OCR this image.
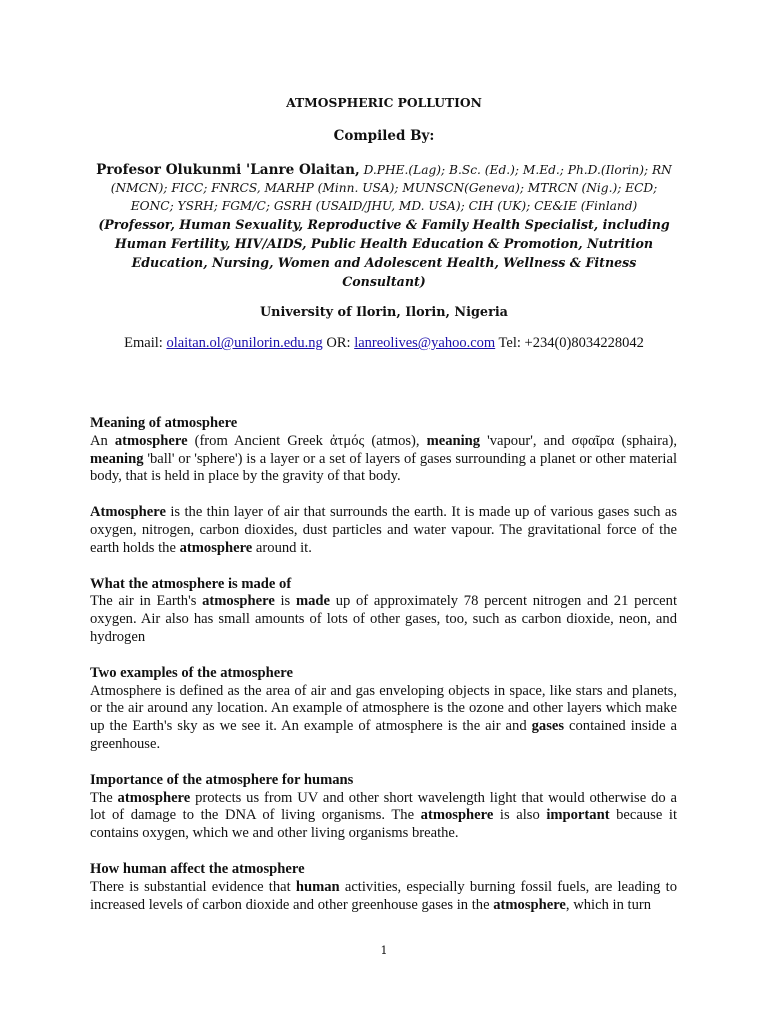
ATMOSPHERIC POLLUTION
Compiled By:
Profesor Olukunmi 'Lanre Olaitan, D.PHE.(Lag); B.Sc. (Ed.); M.Ed.; Ph.D.(Ilorin); RN (NMCN); FICC; FNRCS, MARHP (Minn. USA); MUNSCN(Geneva); MTRCN (Nig.); ECD; EONC; YSRH; FGM/C; GSRH (USAID/JHU, MD. USA); CIH (UK); CE&IE (Finland)
(Professor, Human Sexuality, Reproductive & Family Health Specialist, including Human Fertility, HIV/AIDS, Public Health Education & Promotion, Nutrition Education, Nursing, Women and Adolescent Health, Wellness & Fitness Consultant)
University of Ilorin, Ilorin, Nigeria
Email: olaitan.ol@unilorin.edu.ng OR: lanreolives@yahoo.com Tel: +234(0)8034228042
Meaning of atmosphere

An atmosphere (from Ancient Greek ἀτμός (atmos), meaning 'vapour', and σφαῖρα (sphaira), meaning 'ball' or 'sphere') is a layer or a set of layers of gases surrounding a planet or other material body, that is held in place by the gravity of that body.

Atmosphere is the thin layer of air that surrounds the earth. It is made up of various gases such as oxygen, nitrogen, carbon dioxides, dust particles and water vapour. The gravitational force of the earth holds the atmosphere around it.

What the atmosphere is made of

The air in Earth's atmosphere is made up of approximately 78 percent nitrogen and 21 percent oxygen. Air also has small amounts of lots of other gases, too, such as carbon dioxide, neon, and hydrogen

Two examples of the atmosphere

Atmosphere is defined as the area of air and gas enveloping objects in space, like stars and planets, or the air around any location. An example of atmosphere is the ozone and other layers which make up the Earth's sky as we see it. An example of atmosphere is the air and gases contained inside a greenhouse.

Importance of the atmosphere for humans

The atmosphere protects us from UV and other short wavelength light that would otherwise do a lot of damage to the DNA of living organisms. The atmosphere is also important because it contains oxygen, which we and other living organisms breathe.

How human affect the atmosphere

There is substantial evidence that human activities, especially burning fossil fuels, are leading to increased levels of carbon dioxide and other greenhouse gases in the atmosphere, which in turn

1
